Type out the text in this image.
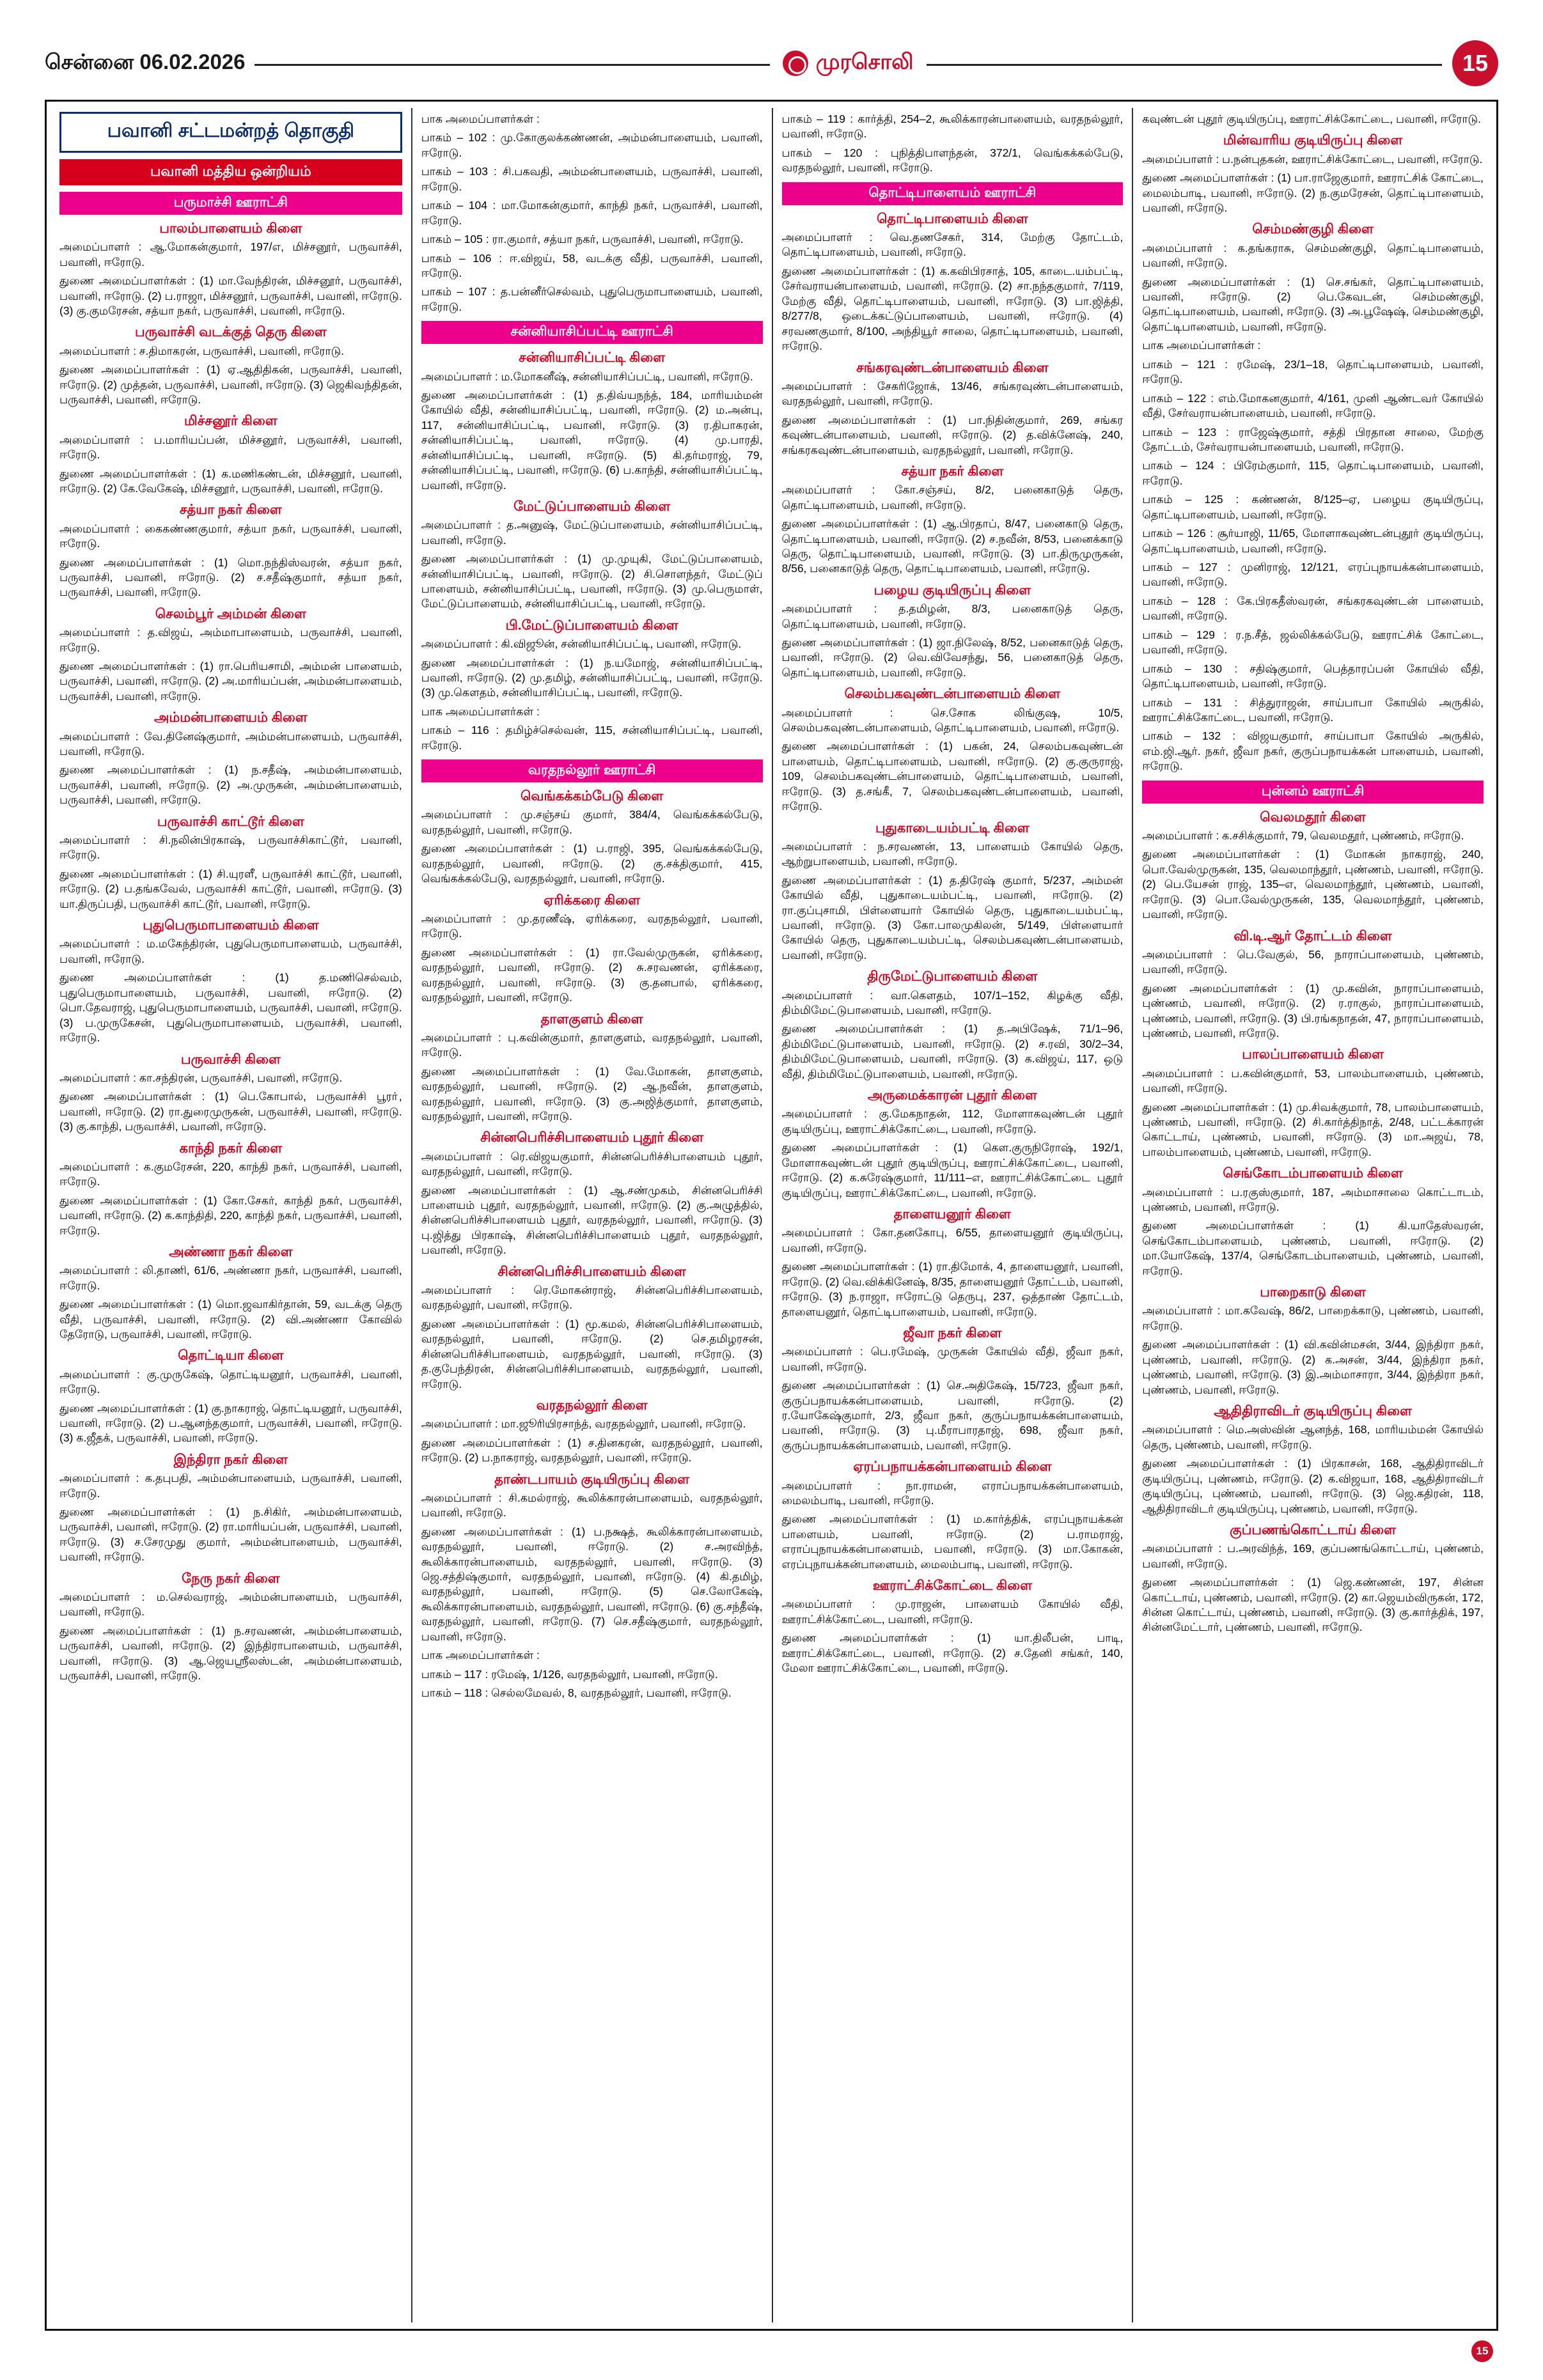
சென்னை 06.02.2026	முரசொலி	15
பவானி சட்டமன்றத் தொகுதி
பவானி மத்திய ஒன்றியம்
பருமாச்சி ஊராட்சி
பாலம்பாளையம் கிளை

அமைப்பாளர் : ஆ.மோகன்குமார், 197/எ, மிச்சனூர், பருவாச்சி, பவானி, ஈரோடு.

துணை அமைப்பாளர்கள் : (1) மா.வேந்திரன், மிச்சனூர், பருவாச்சி, பவானி, ஈரோடு. (2) ப.ராஜா, மிச்சனூர், பருவாச்சி, பவானி, ஈரோடு. (3) கு.குமரேசன், சத்யா நகர், பருவாச்சி, பவானி, ஈரோடு.

பருவாச்சி வடக்குத் தெரு கிளை

அமைப்பாளர் : ச.திமாகரன், பருவாச்சி, பவானி, ஈரோடு.

துணை அமைப்பாளர்கள் : (1) ஏ.ஆதிதிகன், பருவாச்சி, பவானி, ஈரோடு. (2) முத்தன், பருவாச்சி, பவானி, ஈரோடு. (3) ஜெகிவந்திதன், பருவாச்சி, பவானி, ஈரோடு.

மிச்சனூர் கிளை

அமைப்பாளர் : ப.மாரியப்பன், மிச்சனூர், பருவாச்சி, பவானி, ஈரோடு.

துணை அமைப்பாளர்கள் : (1) க.மணிகண்டன், மிச்சனூர், பவானி, ஈரோடு. (2) கே.வேகேஷ், மிச்சனூர், பருவாச்சி, பவானி, ஈரோடு.

சத்யா நகர் கிளை

அமைப்பாளர் : கைகண்ணகுமார், சத்யா நகர், பருவாச்சி, பவானி, ஈரோடு.

துணை அமைப்பாளர்கள் : (1) மொ.நந்திஸ்வரன், சத்யா நகர், பருவாச்சி, பவானி, ஈரோடு. (2) ச.சதீஷ்குமார், சத்யா நகர், பருவாச்சி, பவானி, ஈரோடு.

செலம்பூர் அம்மன் கிளை

அமைப்பாளர் : த.விஜய், அம்மாபாளையம், பருவாச்சி, பவானி, ஈரோடு.

துணை அமைப்பாளர்கள் : (1) ரா.பெரியசாமி, அம்மன் பாளையம், பருவாச்சி, பவானி, ஈரோடு. (2) அ.மாரியப்பன், அம்மன்பாளையம், பருவாச்சி, பவானி, ஈரோடு.

அம்மன்பாளையம் கிளை

அமைப்பாளர் : வே.தினேஷ்குமார், அம்மன்பாளையம், பருவாச்சி, பவானி, ஈரோடு.

துணை அமைப்பாளர்கள் : (1) ந.சதீஷ், அம்மன்பாளையம், பருவாச்சி, பவானி, ஈரோடு. (2) அ.முருகன், அம்மன்பாளையம், பருவாச்சி, பவானி, ஈரோடு.

பருவாச்சி காட்டூர் கிளை

அமைப்பாளர் : சி.நலின்பிரகாஷ், பருவாச்சிகாட்டூர், பவானி, ஈரோடு.

துணை அமைப்பாளர்கள் : (1) சி.யுரளீ, பருவாச்சி காட்டூர், பவானி, ஈரோடு. (2) ப.தங்கவேல், பருவாச்சி காட்டூர், பவானி, ஈரோடு. (3) யா.திருப்பதி, பருவாச்சி காட்டூர், பவானி, ஈரோடு.

புதுபெருமாபாளையம் கிளை

அமைப்பாளர் : ம.மகேந்திரன், புதுபெருமாபாளையம், பருவாச்சி, பவானி, ஈரோடு.

துணை அமைப்பாளர்கள் : (1) த.மணிசெல்வம், புதுபெருமாபாளையம், பருவாச்சி, பவானி, ஈரோடு. (2) பொ.தேவராஜ், புதுபெருமாபாளையம், பருவாச்சி, பவானி, ஈரோடு. (3) ப.முருகேசன், புதுபெருமாபாளையம், பருவாச்சி, பவானி, ஈரோடு.

பருவாச்சி கிளை

அமைப்பாளர் : கா.சந்திரன், பருவாச்சி, பவானி, ஈரோடு.

துணை அமைப்பாளர்கள் : (1) பெ.கோபால், பருவாச்சி பூரா், பவானி, ஈரோடு. (2) ரா.துரைமுருகன், பருவாச்சி, பவானி, ஈரோடு. (3) கு.காந்தி, பருவாச்சி, பவானி, ஈரோடு.

காந்தி நகர் கிளை

அமைப்பாளர் : க.குமரேசன், 220, காந்தி நகர், பருவாச்சி, பவானி, ஈரோடு.

துணை அமைப்பாளர்கள் : (1) கோ.சேகர், காந்தி நகர், பருவாச்சி, பவானி, ஈரோடு. (2) க.காந்திதி, 220, காந்தி நகர், பருவாச்சி, பவானி, ஈரோடு.

அண்ணா நகர் கிளை

அமைப்பாளர் : லி.தாணி, 61/6, அண்ணா நகர், பருவாச்சி, பவானி, ஈரோடு.

துணை அமைப்பாளர்கள் : (1) மொ.ஜவாகிர்தான், 59, வடக்கு தெரு வீதி, பருவாச்சி, பவானி, ஈரோடு. (2) வி.அண்ணா கோவில் தேரோடு, பருவாச்சி, பவானி, ஈரோடு.

தொட்டியா கிளை

அமைப்பாளர் : கு.முருகேஷ், தொட்டியனூர், பருவாச்சி, பவானி, ஈரோடு.

துணை அமைப்பாளர்கள் : (1) கு.நாகராஜ், தொட்டியனூர், பருவாச்சி, பவானி, ஈரோடு. (2) ப.ஆனந்தகுமார், பருவாச்சி, பவானி, ஈரோடு. (3) க.ஜீதக், பருவாச்சி, பவானி, ஈரோடு.

இந்திரா நகர் கிளை

அமைப்பாளர் : க.தபுபதி, அம்மன்பாளையம், பருவாச்சி, பவானி, ஈரோடு.

துணை அமைப்பாளர்கள் : (1) ந.சிகிர், அம்மன்பாளையம், பருவாச்சி, பவானி, ஈரோடு. (2) ரா.மாரியப்பன், பருவாச்சி, பவானி, ஈரோடு. (3) ச.சேரமுது குமார், அம்மன்பாளையம், பருவாச்சி, பவானி, ஈரோடு.

நேரு நகர் கிளை

அமைப்பாளர் : ம.செல்வராஜ், அம்மன்பாளையம், பருவாச்சி, பவானி, ஈரோடு.

துணை அமைப்பாளர்கள் : (1) ந.சரவணன், அம்மன்பாளையம், பருவாச்சி, பவானி, ஈரோடு. (2) இந்திராபாளையம், பருவாச்சி, பவானி, ஈரோடு. (3) ஆ.ஜெயஸ்ரீலஸ்டன், அம்மன்பாளையம், பருவாச்சி, பவானி, ஈரோடு.

பாக அமைப்பாளர்கள் :

பாகம் – 102 : மு.கோகுலக்கண்ணன், அம்மன்பாளையம், பவானி, ஈரோடு.

பாகம் – 103 : சி.பகவதி, அம்மன்பாளையம், பருவாச்சி, பவானி, ஈரோடு.

பாகம் – 104 : மா.மோகன்குமார், காந்தி நகர், பருவாச்சி, பவானி, ஈரோடு.

பாகம் – 105 : ரா.குமார், சத்யா நகர், பருவாச்சி, பவானி, ஈரோடு.

பாகம் – 106 : ஈ.விஜய், 58, வடக்கு வீதி, பருவாச்சி, பவானி, ஈரோடு.

பாகம் – 107 : த.பன்னீர்செல்வம், புதுபெருமாபாளையம், பவானி, ஈரோடு.

சன்னியாசிப்பட்டி ஊராட்சி
சன்னியாசிப்பட்டி கிளை

அமைப்பாளர் : ம.மோகனீஷ், சன்னியாசிப்பட்டி, பவானி, ஈரோடு.

துணை அமைப்பாளர்கள் : (1) த.திவ்யநந்த், 184, மாரியம்மன் கோயில் வீதி, சன்னியாசிப்பட்டி, பவானி, ஈரோடு. (2) ம.அன்பு, 117, சன்னியாசிப்பட்டி, பவானி, ஈரோடு. (3) ர.திபாகரன், சன்னியாசிப்பட்டி, பவானி, ஈரோடு. (4) மு.பாரதி, சன்னியாசிப்பட்டி, பவானி, ஈரோடு. (5) கி.தர்மராஜ், 79, சன்னியாசிப்பட்டி, பவானி, ஈரோடு. (6) ப.காந்தி, சன்னியாசிப்பட்டி, பவானி, ஈரோடு.

மேட்டுப்பாளையம் கிளை

அமைப்பாளர் : த.அனுஷ், மேட்டுப்பாளையம், சன்னியாசிப்பட்டி, பவானி, ஈரோடு.

துணை அமைப்பாளர்கள் : (1) மு.முயுகி, மேட்டுப்பாளையம், சன்னியாசிப்பட்டி, பவானி, ஈரோடு. (2) சி.சொளந்தர், மேட்டுப் பாளையம், சன்னியாசிப்பட்டி, பவானி, ஈரோடு. (3) மு.பெருமாள், மேட்டுப்பாளையம், சன்னியாசிப்பட்டி, பவானி, ஈரோடு.

பி.மேட்டுப்பாளையம் கிளை

அமைப்பாளர் : கி.விஜூன், சன்னியாசிப்பட்டி, பவானி, ஈரோடு.

துணை அமைப்பாளர்கள் : (1) ந.யமோஜ், சன்னியாசிப்பட்டி, பவானி, ஈரோடு. (2) மு.தமிழ், சன்னியாசிப்பட்டி, பவானி, ஈரோடு. (3) மு.கௌதம், சன்னியாசிப்பட்டி, பவானி, ஈரோடு.

பாக அமைப்பாளர்கள் :

பாகம் – 116 : தமிழ்ச்செல்வன், 115, சன்னியாசிப்பட்டி, பவானி, ஈரோடு.

வரதநல்லூர் ஊராட்சி
வெங்கக்கம்பேடு கிளை

அமைப்பாளர் : மு.சஞ்சய் குமார், 384/4, வெங்கக்கல்பேடு, வரதநல்லூர், பவானி, ஈரோடு.

துணை அமைப்பாளர்கள் : (1) ப.ராஜி, 395, வெங்கக்கல்பேடு, வரதநல்லூர், பவானி, ஈரோடு. (2) கு.சக்திகுமார், 415, வெங்கக்கல்பேடு, வரதநல்லூர், பவானி, ஈரோடு.

ஏரிக்கரை கிளை

அமைப்பாளர் : மு.தரணீஷ், ஏரிக்கரை, வரதநல்லூர், பவானி, ஈரோடு.

துணை அமைப்பாளர்கள் : (1) ரா.வேல்முருகன், ஏரிக்கரை, வரதநல்லூர், பவானி, ஈரோடு. (2) சு.சரவணன், ஏரிக்கரை, வரதநல்லூர், பவானி, ஈரோடு. (3) கு.தனபால், ஏரிக்கரை, வரதநல்லூர், பவானி, ஈரோடு.

தாளகுளம் கிளை

அமைப்பாளர் : பு.கவின்குமார், தாளகுளம், வரதநல்லூர், பவானி, ஈரோடு.

துணை அமைப்பாளர்கள் : (1) வே.மோகன், தாளகுளம், வரதநல்லூர், பவானி, ஈரோடு. (2) ஆ.நவீன், தாளகுளம், வரதநல்லூர், பவானி, ஈரோடு. (3) கு.அஜித்குமார், தாளகுளம், வரதநல்லூர், பவானி, ஈரோடு.

சின்னபெரிச்சிபாளையம் புதூர் கிளை

அமைப்பாளர் : ரெ.விஜயகுமார், சின்னபெரிச்சிபாளையம் புதூர், வரதநல்லூர், பவானி, ஈரோடு.

துணை அமைப்பாளர்கள் : (1) ஆ.சண்முகம், சின்னபெரிச்சி பாளையம் புதூர், வரதநல்லூர், பவானி, ஈரோடு. (2) கு.அழுத்தில், சின்னபெரிச்சிபாளையம் புதூர், வரதநல்லூர், பவானி, ஈரோடு. (3) பு.ஜித்து பிரகாஷ், சின்னபெரிச்சிபாளையம் புதூர், வரதநல்லூர், பவானி, ஈரோடு.

சின்னபெரிச்சிபாளையம் கிளை

அமைப்பாளர் : ரெ.மோகன்ராஜ், சின்னபெரிச்சிபாளையம், வரதநல்லூர், பவானி, ஈரோடு.

துணை அமைப்பாளர்கள் : (1) மூ.கமல், சின்னபெரிச்சிபாளையம், வரதநல்லூர், பவானி, ஈரோடு. (2) செ.தமிழரசன், சின்னபெரிச்சிபாளையம், வரதநல்லூர், பவானி, ஈரோடு. (3) த.குபேந்திரன், சின்னபெரிச்சிபாளையம், வரதநல்லூர், பவானி, ஈரோடு.

வரதநல்லூர் கிளை

அமைப்பாளர் : மா.ஜூரியிரசாந்த், வரதநல்லூர், பவானி, ஈரோடு.

துணை அமைப்பாளர்கள் : (1) ச.தினகரன், வரதநல்லூர், பவானி, ஈரோடு. (2) ப.நாகராஜ், வரதநல்லூர், பவானி, ஈரோடு.

தாண்டபாயம் குடியிருப்பு கிளை

அமைப்பாளர் : சி.கமல்ராஜ், கூலிக்காரன்பாளையம், வரதநல்லூர், பவானி, ஈரோடு.

துணை அமைப்பாளர்கள் : (1) ப.நக்ஷத், கூலிக்காரன்பாளையம், வரதநல்லூர், பவானி, ஈரோடு. (2) ச.அரவிந்த், கூலிக்காரன்பாளையம், வரதநல்லூர், பவானி, ஈரோடு. (3) ஜெ.சத்திஷ்குமார், வரதநல்லூர், பவானி, ஈரோடு. (4) கி.தமிழ், வரதநல்லூர், பவானி, ஈரோடு. (5) செ.லோகேஷ், கூலிக்காரன்பாளையம், வரதநல்லூர், பவானி, ஈரோடு. (6) கு.சந்தீஷ், வரதநல்லூர், பவானி, ஈரோடு. (7) செ.சதீஷ்குமார், வரதநல்லூர், பவானி, ஈரோடு.

பாக அமைப்பாளர்கள் :

பாகம் – 117 : ரமேஷ், 1/126, வரதநல்லூர், பவானி, ஈரோடு.

பாகம் – 118 : செல்லமேவல், 8, வரதநல்லூர், பவானி, ஈரோடு.

பாகம் – 119 : கார்த்தி, 254–2, கூலிக்காரன்பாளையம், வரதநல்லூர், பவானி, ஈரோடு.

பாகம் – 120 : புநித்திபாளந்தன், 372/1, வெங்கக்கல்பேடு, வரதநல்லூர், பவானி, ஈரோடு.

தொட்டிபாளையம் ஊராட்சி
தொட்டிபாளையம் கிளை

அமைப்பாளர் : வெ.தணசேகர், 314, மேற்கு தோட்டம், தொட்டிபாளையம், பவானி, ஈரோடு.

துணை அமைப்பாளர்கள் : (1) க.கவிபிரசாத், 105, காடை.யம்பட்டி, சேர்வராயன்பாளையம், பவானி, ஈரோடு. (2) சா.நந்தகுமார், 7/119, மேற்கு வீதி, தொட்டிபாளையம், பவானி, ஈரோடு. (3) பா.ஜித்தி, 8/277/8, ஒடைக்கட்டுப்பாளையம், பவானி, ஈரோடு. (4) சரவணகுமார், 8/100, அந்தியூர் சாலை, தொட்டிபாளையம், பவானி, ஈரோடு.

சங்கரவுண்டன்பாளையம் கிளை

அமைப்பாளர் : சேகரிஜோக், 13/46, சங்கரவுண்டன்பாளையம், வரதநல்லூர், பவானி, ஈரோடு.

துணை அமைப்பாளர்கள் : (1) பா.நிதின்குமார், 269, சங்கர கவுண்டன்பாளையம், பவானி, ஈரோடு. (2) த.விக்னேஷ், 240, சங்கரகவுண்டன்பாளையம், வரதநல்லூர், பவானி, ஈரோடு.

சத்யா நகர் கிளை

அமைப்பாளர் : கோ.சஞ்சய், 8/2, பனைகாடுத் தெரு, தொட்டிபாளையம், பவானி, ஈரோடு.

துணை அமைப்பாளர்கள் : (1) ஆ.பிரதாப், 8/47, பனைகாடு தெரு, தொட்டிபாளையம், பவானி, ஈரோடு. (2) ச.நவீன், 8/53, பனைக்காடு தெரு, தொட்டிபாளையம், பவானி, ஈரோடு. (3) பா.திருமுருகன், 8/56, பனைகாடுத் தெரு, தொட்டிபாளையம், பவானி, ஈரோடு.

பழைய குடியிருப்பு கிளை

அமைப்பாளர் : த.தமிழன், 8/3, பனைகாடுத் தெரு, தொட்டிபாளையம், பவானி, ஈரோடு.

துணை அமைப்பாளர்கள் : (1) ஜா.நிலேஷ், 8/52, பனைகாடுத் தெரு, பவானி, ஈரோடு. (2) வெ.விவேசந்து, 56, பனைகாடுத் தெரு, தொட்டிபாளையம், பவானி, ஈரோடு.

செலம்பகவுண்டன்பாளையம் கிளை

அமைப்பாளர் : செ.சோக லிங்குஷ, 10/5, செலம்பகவுண்டன்பாளையம், தொட்டிபாளையம், பவானி, ஈரோடு.

துணை அமைப்பாளர்கள் : (1) பகன், 24, செலம்பகவுண்டன் பாளையம், தொட்டிபாளையம், பவானி, ஈரோடு. (2) கு.குருராஜ், 109, செலம்பகவுண்டன்பாளையம், தொட்டிபாளையம், பவானி, ஈரோடு. (3) த.சங்கீ, 7, செலம்பகவுண்டன்பாளையம், பவானி, ஈரோடு.

புதுகாடையம்பட்டி கிளை

அமைப்பாளர் : ந.சரவணன், 13, பாளையம் கோயில் தெரு, ஆற்றுபாளையம், பவானி, ஈரோடு.

துணை அமைப்பாளர்கள் : (1) த.திரேஷ் குமார், 5/237, அம்மன் கோயில் வீதி, புதுகாடையம்பட்டி, பவானி, ஈரோடு. (2) ரா.குப்புசாமி, பிள்ளையார் கோயில் தெரு, புதுகாடையம்பட்டி, பவானி, ஈரோடு. (3) கோ.பாலமுகிலன், 5/149, பிள்ளையார் கோயில் தெரு, புதுகாடையம்பட்டி, செலம்பகவுண்டன்பாளையம், பவானி, ஈரோடு.

திருமேட்டுபாளையம் கிளை

அமைப்பாளர் : வா.கௌதம், 107/1–152, கிழக்கு வீதி, திம்மிமேட்டுபாளையம், பவானி, ஈரோடு.

துணை அமைப்பாளர்கள் : (1) த.அபிஷேக், 71/1–96, திம்மிமேட்டுபாளையம், பவானி, ஈரோடு. (2) ச.ரவி, 30/2–34, திம்மிமேட்டுபாளையம், பவானி, ஈரோடு. (3) க.விஜய், 117, ஒடு வீதி, திம்மிமேட்டுபாளையம், பவானி, ஈரோடு.

அருமைக்காரன் புதூர் கிளை

அமைப்பாளர் : கு.மேகநாதன், 112, மோளாகவுண்டன் புதூர் குடியிருப்பு, ஊராட்சிக்கோட்டை, பவானி, ஈரோடு.

துணை அமைப்பாளர்கள் : (1) கௌ.குருநிரோஷ், 192/1, மோளாகவுண்டன் புதூர் குடியிருப்பு, ஊராட்சிக்கோட்டை, பவானி, ஈரோடு. (2) க.சுரேஷ்குமார், 11/111–எ, ஊராட்சிக்கோட்டை புதூர் குடியிருப்பு, ஊராட்சிக்கோட்டை, பவானி, ஈரோடு.

தாளையனூர் கிளை

அமைப்பாளர் : கோ.தனகோபு, 6/55, தாளையனூர் குடியிருப்பு, பவானி, ஈரோடு.

துணை அமைப்பாளர்கள் : (1) ரா.திமோக், 4, தாளையனூர், பவானி, ஈரோடு. (2) வெ.விக்கினேஷ், 8/35, தாளையனூர் தோட்டம், பவானி, ஈரோடு. (3) ந.ராஜா, ஈரோட்டு தெருபு, 237, ஒத்தாண் தோட்டம், தாளையனூர், தொட்டிபாளையம், பவானி, ஈரோடு.

ஜீவா நகர் கிளை

அமைப்பாளர் : பெ.ரமேஷ், முருகன் கோயில் வீதி, ஜீவா நகர், பவானி, ஈரோடு.

துணை அமைப்பாளர்கள் : (1) செ.அதிகேஷ், 15/723, ஜீவா நகர், குருப்பநாயக்கன்பாளையம், பவானி, ஈரோடு. (2) ர.யோகேஷ்குமார், 2/3, ஜீவா நகர், குருப்பநாயக்கன்பாளையம், பவானி, ஈரோடு. (3) பு.மீராபாரதாஜ், 698, ஜீவா நகர், குருப்பநாயக்கன்பாளையம், பவானி, ஈரோடு.

ஏரப்பநாயக்கன்பாளையம் கிளை

அமைப்பாளர் : நா.ராமன், எராப்பநாயக்கன்பாளையம், மைலம்பாடி, பவானி, ஈரோடு.

துணை அமைப்பாளர்கள் : (1) ம.கார்த்திக், எரப்புநாயக்கன் பாளையம், பவானி, ஈரோடு. (2) ப.ராமராஜ், எராப்புநாயக்கன்பாளையம், பவானி, ஈரோடு. (3) மா.கோகன், எரப்புநாயக்கன்பாளையம், மைலம்பாடி, பவானி, ஈரோடு.

ஊராட்சிக்கோட்டை கிளை

அமைப்பாளர் : மு.ராஜன், பாளையம் கோயில் வீதி, ஊராட்சிக்கோட்டை, பவானி, ஈரோடு.

துணை அமைப்பாளர்கள் : (1) யா.திலீபன், பாடி, ஊராட்சிக்கோட்டை, பவானி, ஈரோடு. (2) ச.தேனி சங்கர், 140, மேலா ஊராட்சிக்கோட்டை, பவானி, ஈரோடு.

கவுண்டன் புதூர் குடியிருப்பு, ஊராட்சிக்கோட்டை, பவானி, ஈரோடு.

மின்வாரிய குடியிருப்பு கிளை

அமைப்பாளர் : ப.நன்புதகன், ஊராட்சிக்கோட்டை, பவானி, ஈரோடு.

துணை அமைப்பாளர்கள் : (1) பா.ராஜேகுமார், ஊராட்சிக் கோட்டை, மைலம்பாடி, பவானி, ஈரோடு. (2) ந.குமரேசன், தொட்டிபாளையம், பவானி, ஈரோடு.

செம்மண்குழி கிளை

அமைப்பாளர் : க.தங்கராசு, செம்மண்குழி, தொட்டிபாளையம், பவானி, ஈரோடு.

துணை அமைப்பாளர்கள் : (1) செ.சங்கர், தொட்டிபாளையம், பவானி, ஈரோடு. (2) பெ.கேவடன், செம்மண்குழி, தொட்டிபாளையம், பவானி, ஈரோடு. (3) அ.பூஷேஷ், செம்மண்குழி, தொட்டிபாளையம், பவானி, ஈரோடு.

பாக அமைப்பாளர்கள் :

பாகம் – 121 : ரமேஷ், 23/1–18, தொட்டிபாளையம், பவானி, ஈரோடு.

பாகம் – 122 : எம்.மோகனகுமார், 4/161, முனி ஆண்டவர் கோயில் வீதி, சேர்வராயன்பாளையம், பவானி, ஈரோடு.

பாகம் – 123 : ராஜேஷ்குமார், சத்தி பிரதான சாலை, மேற்கு தோட்டம், சேர்வராயன்பாளையம், பவானி, ஈரோடு.

பாகம் – 124 : பிரேம்குமார், 115, தொட்டிபாளையம், பவானி, ஈரோடு.

பாகம் – 125 : கண்ணன், 8/125–ஏ, பழைய குடியிருப்பு, தொட்டிபாளையம், பவானி, ஈரோடு.

பாகம் – 126 : சூர்யாஜி, 11/65, மோளாகவுண்டன்புதூர் குடியிருப்பு, தொட்டிபாளையம், பவானி, ஈரோடு.

பாகம் – 127 : முனிராஜ், 12/121, எரப்புநாயக்கன்பாளையம், பவானி, ஈரோடு.

பாகம் – 128 : கே.பிரகதீஸ்வரன், சங்கரகவுண்டன் பாளையம், பவானி, ஈரோடு.

பாகம் – 129 : ர.ந.சீத், ஜல்லிக்கல்பேடு, ஊராட்சிக் கோட்டை, பவானி, ஈரோடு.

பாகம் – 130 : சதிஷ்குமார், பெத்தாரப்பன் கோயில் வீதி, தொட்டிபாளையம், பவானி, ஈரோடு.

பாகம் – 131 : சித்துராஜன், சாய்பாபா கோயில் அருகில், ஊராட்சிக்கோட்டை, பவானி, ஈரோடு.

பாகம் – 132 : விஜயகுமார், சாய்பாபா கோயில் அருகில், எம்.ஜி.ஆர். நகர், ஜீவா நகர், குருப்பநாயக்கன் பாளையம், பவானி, ஈரோடு.

புன்னம் ஊராட்சி
வெலமதூர் கிளை

அமைப்பாளர் : க.சசிக்குமார், 79, வெலமதூர், புண்ணம், ஈரோடு.

துணை அமைப்பாளர்கள் : (1) மோகன் நாகராஜ், 240, பொ.வேல்முருகன், 135, வெலமாந்தூர், புண்ணம், பவானி, ஈரோடு. (2) பெ.யேசன் ராஜ், 135–எ, வெலமாந்தூர், புண்ணம், பவானி, ஈரோடு. (3) பொ.வேல்முருகன், 135, வெலமாந்தூர், புண்ணம், பவானி, ஈரோடு.

வி.டி.ஆர் தோட்டம் கிளை

அமைப்பாளர் : பெ.வேகுல், 56, நாராப்பாளையம், புண்ணம், பவானி, ஈரோடு.

துணை அமைப்பாளர்கள் : (1) மு.கவின், நாராப்பாளையம், புண்ணம், பவானி, ஈரோடு. (2) ர.ராகுல், நாராப்பாளையம், புண்ணம், பவானி, ஈரோடு. (3) பி.ரங்கநாதன், 47, நாராப்பாளையம், புண்ணம், பவானி, ஈரோடு.

பாலப்பாளையம் கிளை

அமைப்பாளர் : ப.கவின்குமார், 53, பாலம்பாளையம், புண்ணம், பவானி, ஈரோடு.

துணை அமைப்பாளர்கள் : (1) மு.சிவக்குமார், 78, பாலம்பாளையம், புண்ணம், பவானி, ஈரோடு. (2) சி.கார்த்திநாத், 2/48, பட்டக்காரன் கொட்டாய், புண்ணம், பவானி, ஈரோடு. (3) மா.அஜய், 78, பாலம்பாளையம், புண்ணம், பவானி, ஈரோடு.

செங்கோடம்பாளையம் கிளை

அமைப்பாளர் : ப.ரகுஸ்குமார், 187, அம்மாசாலை கொட்டாடம், புண்ணம், பவானி, ஈரோடு.

துணை அமைப்பாளர்கள் : (1) கி.யாதேஸ்வரன், செங்கோடம்பாளையம், புண்ணம், பவானி, ஈரோடு. (2) மா.யோகேஷ், 137/4, செங்கோடம்பாளையம், புண்ணம், பவானி, ஈரோடு.

பாறைகாடு கிளை

அமைப்பாளர் : மா.கவேஷ், 86/2, பாறைக்காடு, புண்ணம், பவானி, ஈரோடு.

துணை அமைப்பாளர்கள் : (1) வி.கவின்மசன், 3/44, இந்திரா நகர், புண்ணம், பவானி, ஈரோடு. (2) க.அசன், 3/44, இந்திரா நகர், புண்ணம், பவானி, ஈரோடு. (3) இ.அம்மாசாரா, 3/44, இந்திரா நகர், புண்ணம், பவானி, ஈரோடு.

ஆதிதிராவிடர் குடியிருப்பு கிளை

அமைப்பாளர் : மெ.அஸ்வின் ஆனந்த், 168, மாரியம்மன் கோயில் தெரு, புண்ணம், பவானி, ஈரோடு.

துணை அமைப்பாளர்கள் : (1) பிரகாசன், 168, ஆதிதிராவிடர் குடியிருப்பு, புண்ணம், ஈரோடு. (2) க.விஜயா, 168, ஆதிதிராவிடர் குடியிருப்பு, புண்ணம், பவானி, ஈரோடு. (3) ஜெ.கதிரன், 118, ஆதிதிராவிடர் குடியிருப்பு, புண்ணம், பவானி, ஈரோடு.

குப்பணங்கொட்டாய் கிளை

அமைப்பாளர் : ப.அரவிந்த், 169, குப்பணங்கொட்டாய், புண்ணம், பவானி, ஈரோடு.

துணை அமைப்பாளர்கள் : (1) ஜெ.கண்ணன், 197, சின்ன கொட்டாய், புண்ணம், பவானி, ஈரோடு. (2) கா.ஜெயம்விருகன், 172, சின்ன கொட்டாய், புண்ணம், பவானி, ஈரோடு. (3) கு.கார்த்திக், 197, சின்னமேட்டார், புண்ணம், பவானி, ஈரோடு.

15
